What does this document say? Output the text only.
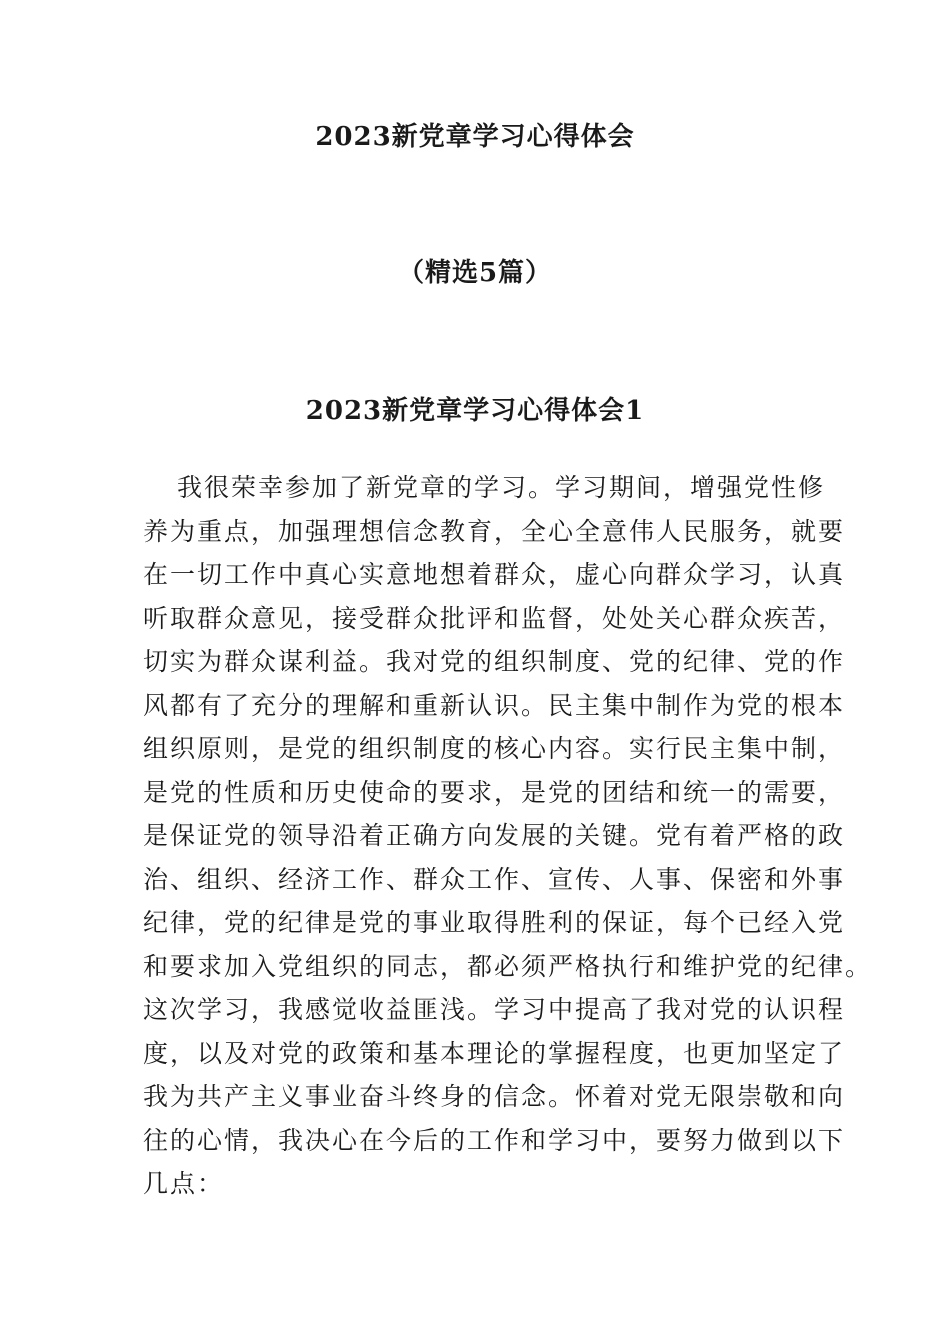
2023新党章学习心得体会
（精选5篇）
2023新党章学习心得体会1
我很荣幸参加了新党章的学习。学习期间，增强党性修
养为重点，加强理想信念教育，全心全意伟人民服务，就要
在一切工作中真心实意地想着群众，虚心向群众学习，认真
听取群众意见，接受群众批评和监督，处处关心群众疾苦，
切实为群众谋利益。我对党的组织制度、党的纪律、党的作
风都有了充分的理解和重新认识。民主集中制作为党的根本
组织原则，是党的组织制度的核心内容。实行民主集中制，
是党的性质和历史使命的要求，是党的团结和统一的需要，
是保证党的领导沿着正确方向发展的关键。党有着严格的政
治、组织、经济工作、群众工作、宣传、人事、保密和外事
纪律，党的纪律是党的事业取得胜利的保证，每个已经入党
和要求加入党组织的同志，都必须严格执行和维护党的纪律。
这次学习，我感觉收益匪浅。学习中提高了我对党的认识程
度，以及对党的政策和基本理论的掌握程度，也更加坚定了
我为共产主义事业奋斗终身的信念。怀着对党无限崇敬和向
往的心情，我决心在今后的工作和学习中，要努力做到以下
几点：
